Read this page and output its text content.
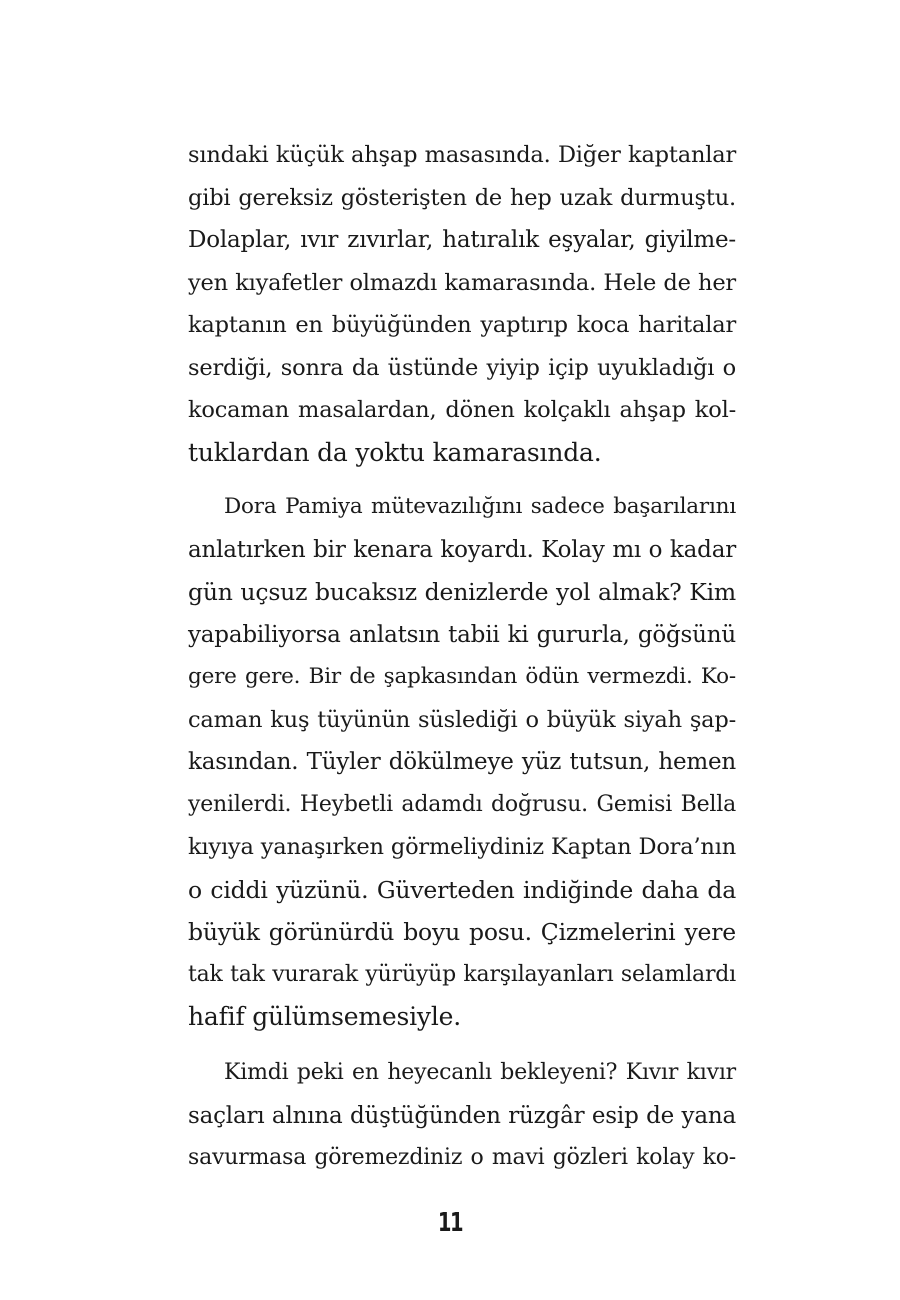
sındaki küçük ahşap masasında. Diğer kaptanlar
gibi gereksiz gösterişten de hep uzak durmuştu.
Dolaplar, ıvır zıvırlar, hatıralık eşyalar, giyilme-
yen kıyafetler olmazdı kamarasında. Hele de her
kaptanın en büyüğünden yaptırıp koca haritalar
serdiği, sonra da üstünde yiyip içip uyukladığı o
kocaman masalardan, dönen kolçaklı ahşap kol-
tuklardan da yoktu kamarasında.
Dora Pamiya mütevazılığını sadece başarılarını
anlatırken bir kenara koyardı. Kolay mı o kadar
gün uçsuz bucaksız denizlerde yol almak? Kim
yapabiliyorsa anlatsın tabii ki gururla, göğsünü
gere gere. Bir de şapkasından ödün vermezdi. Ko-
caman kuş tüyünün süslediği o büyük siyah şap-
kasından. Tüyler dökülmeye yüz tutsun, hemen
yenilerdi. Heybetli adamdı doğrusu. Gemisi Bella
kıyıya yanaşırken görmeliydiniz Kaptan Dora’nın
o ciddi yüzünü. Güverteden indiğinde daha da
büyük görünürdü boyu posu. Çizmelerini yere
tak tak vurarak yürüyüp karşılayanları selamlardı
hafif gülümsemesiyle.
Kimdi peki en heyecanlı bekleyeni? Kıvır kıvır
saçları alnına düştüğünden rüzgâr esip de yana
savurmasa göremezdiniz o mavi gözleri kolay ko-
11
